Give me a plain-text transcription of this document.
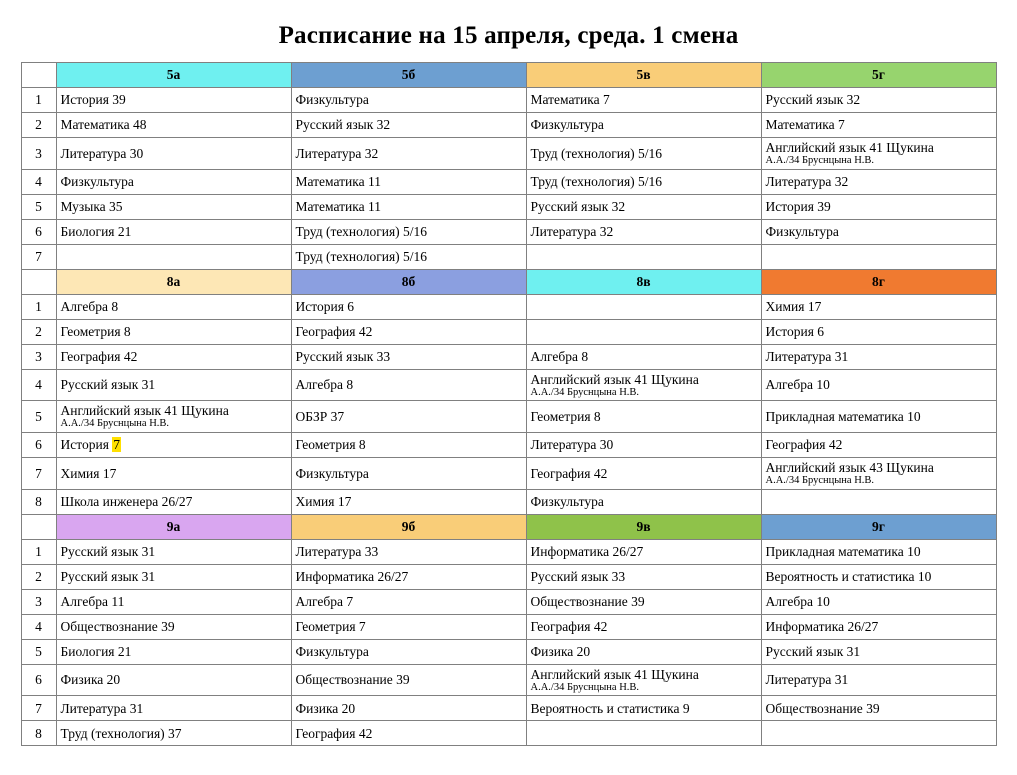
Расписание на 15 апреля, среда. 1 смена
	5а	5б	5в	5г
1	История 39	Физкультура	Математика 7	Русский язык 32
2	Математика 48	Русский язык 32	Физкультура	Математика 7
3	Литература 30	Литература 32	Труд (технология) 5/16	Английский язык 41 Щукина
А.А./34 Бруснцына Н.В.

4	Физкультура	Математика 11	Труд (технология) 5/16	Литература 32
5	Музыка 35	Математика 11	Русский язык 32	История 39
6	Биология 21	Труд (технология) 5/16	Литература 32	Физкультура
7		Труд (технология) 5/16		
	8а	8б	8в	8г
1	Алгебра 8	История 6		Химия 17
2	Геометрия 8	География 42		История 6
3	География 42	Русский язык 33	Алгебра 8	Литература 31
4	Русский язык 31	Алгебра 8	Английский язык 41 Щукина
А.А./34 Бруснцына Н.В.	Алгебра 10
5	Английский язык 41 Щукина
А.А./34 Бруснцына Н.В.	ОБЗР 37	Геометрия 8	Прикладная математика 10
6	История 7	Геометрия 8	Литература 30	География 42
7	Химия 17	Физкультура	География 42	Английский язык 43 Щукина
А.А./34 Бруснцына Н.В.

8	Школа инженера 26/27	Химия 17	Физкультура	
	9а	9б	9в	9г
1	Русский язык 31	Литература 33	Информатика 26/27	Прикладная математика 10
2	Русский язык 31	Информатика 26/27	Русский язык 33	Вероятность и статистика 10
3	Алгебра 11	Алгебра 7	Обществознание 39	Алгебра 10
4	Обществознание 39	Геометрия 7	География 42	Информатика 26/27
5	Биология 21	Физкультура	Физика 20	Русский язык 31
6	Физика 20	Обществознание 39	Английский язык 41 Щукина
А.А./34 Бруснцына Н.В.	Литература 31
7	Литература 31	Физика 20	Вероятность и статистика 9	Обществознание 39
8	Труд (технология) 37	География 42		
